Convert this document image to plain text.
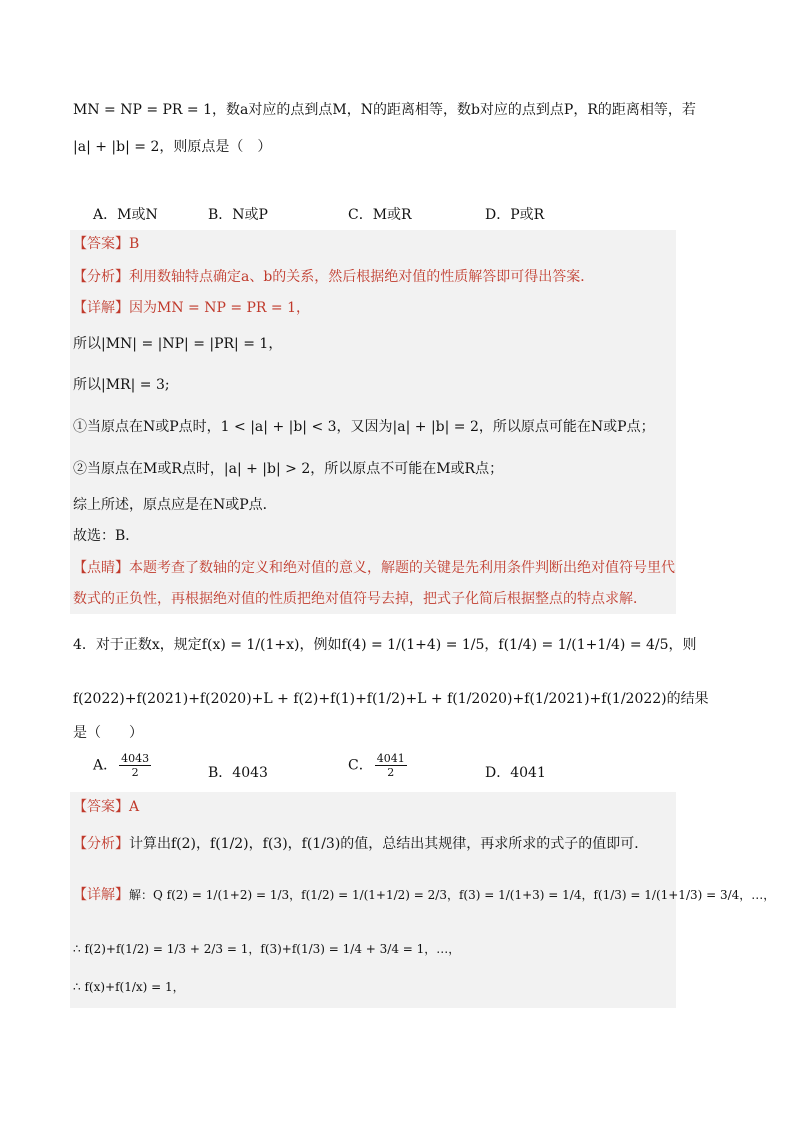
MN = NP = PR = 1，数a对应的点到点M，N的距离相等，数b对应的点到点P，R的距离相等，若
|a| + |b| = 2，则原点是（　）
A．M或N	B．N或P	C．M或R	D．P或R
【答案】B
【分析】利用数轴特点确定a、b的关系，然后根据绝对值的性质解答即可得出答案．
【详解】因为MN = NP = PR = 1，
所以|MN| = |NP| = |PR| = 1，
所以|MR| = 3;
①当原点在N或P点时，1 < |a| + |b| < 3，又因为|a| + |b| = 2，所以原点可能在N或P点；
②当原点在M或R点时，|a| + |b| > 2，所以原点不可能在M或R点；
综上所述，原点应是在N或P点．
故选：B．
【点睛】本题考查了数轴的定义和绝对值的意义，解题的关键是先利用条件判断出绝对值符号里代
数式的正负性，再根据绝对值的性质把绝对值符号去掉，把式子化简后根据整点的特点求解．
4．对于正数x，规定f(x) = 1/(1+x)，例如f(4) = 1/(1+4) = 1/5，f(1/4) = 1/(1+1/4) = 4/5，则
f(2022)+f(2021)+f(2020)+L + f(2)+f(1)+f(1/2)+L + f(1/2020)+f(1/2021)+f(1/2022)的结果
是（　　）
A． $\frac{4043}{2}$	B．4043	C． $\frac{4041}{2}$	D．4041
【答案】A
【分析】计算出f(2)，f(1/2)，f(3)，f(1/3)的值，总结出其规律，再求所求的式子的值即可．
【详解】解：Q f(2) = 1/(1+2) = 1/3，f(1/2) = 1/(1+1/2) = 2/3，f(3) = 1/(1+3) = 1/4，f(1/3) = 1/(1+1/3) = 3/4，…，
∴ f(2)+f(1/2) = 1/3 + 2/3 = 1，f(3)+f(1/3) = 1/4 + 3/4 = 1，…，
∴ f(x)+f(1/x) = 1，
